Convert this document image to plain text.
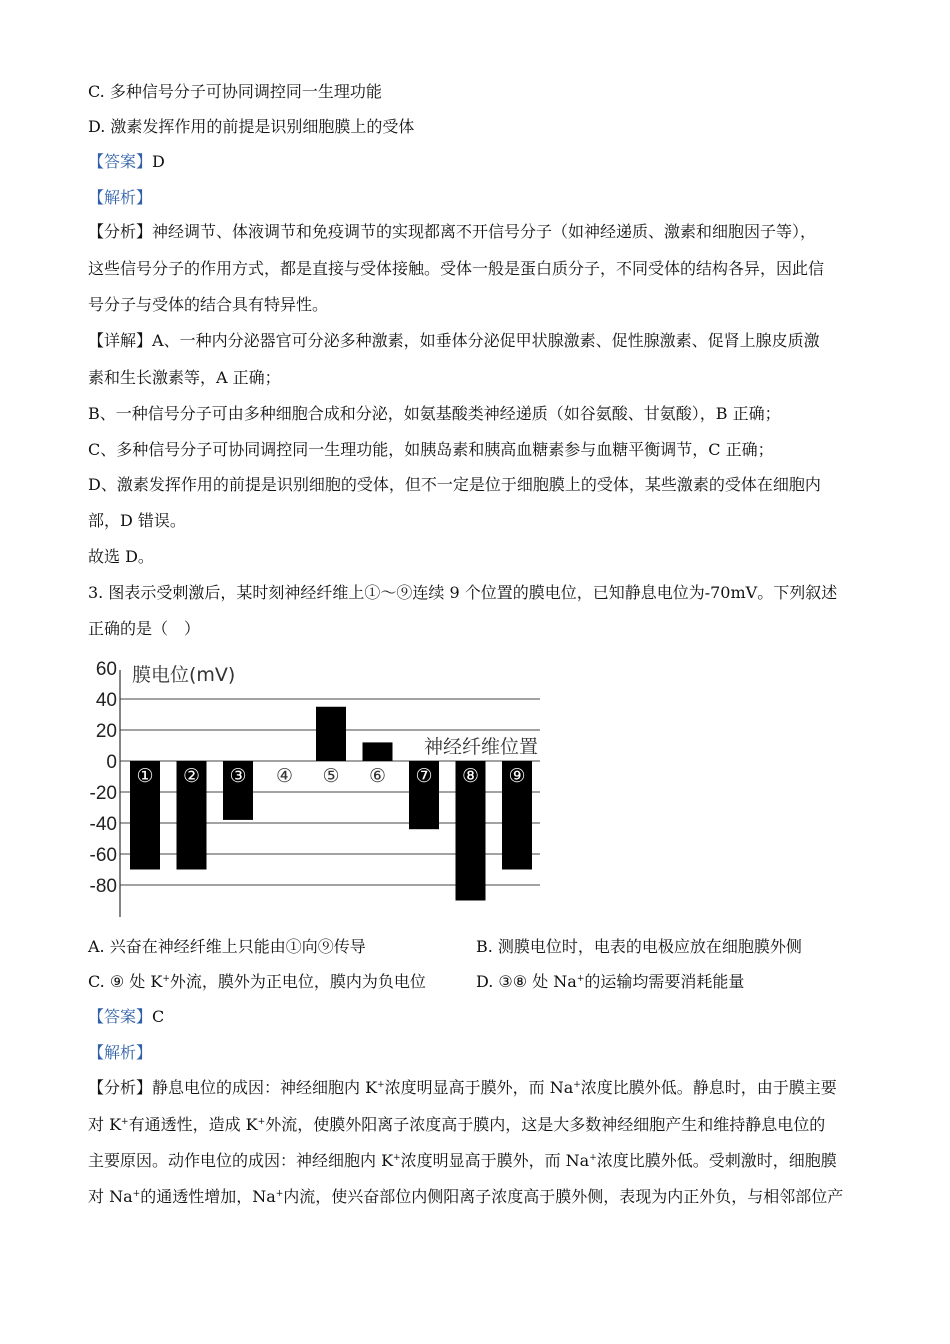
C. 多种信号分子可协同调控同一生理功能
D. 激素发挥作用的前提是识别细胞膜上的受体
【答案】D
【解析】
【分析】神经调节、体液调节和免疫调节的实现都离不开信号分子（如神经递质、激素和细胞因子等），
这些信号分子的作用方式，都是直接与受体接触。受体一般是蛋白质分子，不同受体的结构各异，因此信
号分子与受体的结合具有特异性。
【详解】A、一种内分泌器官可分泌多种激素，如垂体分泌促甲状腺激素、促性腺激素、促肾上腺皮质激
素和生长激素等，A 正确；
B、一种信号分子可由多种细胞合成和分泌，如氨基酸类神经递质（如谷氨酸、甘氨酸），B 正确；
C、多种信号分子可协同调控同一生理功能，如胰岛素和胰高血糖素参与血糖平衡调节，C 正确；
D、激素发挥作用的前提是识别细胞的受体，但不一定是位于细胞膜上的受体，某些激素的受体在细胞内
部，D 错误。
故选 D。
3. 图表示受刺激后，某时刻神经纤维上①～⑨连续 9 个位置的膜电位，已知静息电位为-70mV。下列叙述
正确的是（　）
60
40
20
0
-20
-40
-60
-80
膜电位(mV)
神经纤维位置
① ② ③ ④ ⑤ ⑥ ⑦ ⑧ ⑨
A. 兴奋在神经纤维上只能由①向⑨传导	B. 测膜电位时，电表的电极应放在细胞膜外侧
C. ⑨ 处 K+外流，膜外为正电位，膜内为负电位	D. ③⑧ 处 Na+的运输均需要消耗能量
【答案】C
【解析】
【分析】静息电位的成因：神经细胞内 K+浓度明显高于膜外，而 Na+浓度比膜外低。静息时，由于膜主要
对 K+有通透性，造成 K+外流，使膜外阳离子浓度高于膜内，这是大多数神经细胞产生和维持静息电位的
主要原因。动作电位的成因：神经细胞内 K+浓度明显高于膜外，而 Na+浓度比膜外低。受刺激时，细胞膜
对 Na+的通透性增加，Na+内流，使兴奋部位内侧阳离子浓度高于膜外侧，表现为内正外负，与相邻部位产
